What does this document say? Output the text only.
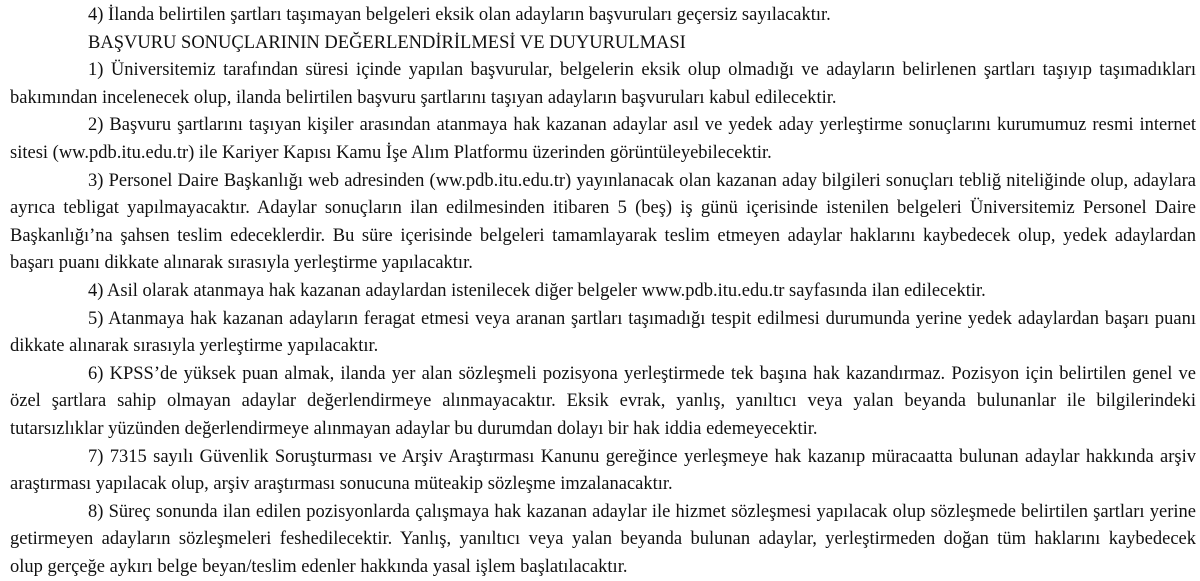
4) İlanda belirtilen şartları taşımayan belgeleri eksik olan adayların başvuruları geçersiz sayılacaktır.
BAŞVURU SONUÇLARININ DEĞERLENDİRİLMESİ VE DUYURULMASI
1) Üniversitemiz tarafından süresi içinde yapılan başvurular, belgelerin eksik olup olmadığı ve adayların belirlenen şartları taşıyıp taşımadıkları
bakımından incelenecek olup, ilanda belirtilen başvuru şartlarını taşıyan adayların başvuruları kabul edilecektir.
2) Başvuru şartlarını taşıyan kişiler arasından atanmaya hak kazanan adaylar asıl ve yedek aday yerleştirme sonuçlarını kurumumuz resmi internet
sitesi (ww.pdb.itu.edu.tr) ile Kariyer Kapısı Kamu İşe Alım Platformu üzerinden görüntüleyebilecektir.
3) Personel Daire Başkanlığı web adresinden (ww.pdb.itu.edu.tr) yayınlanacak olan kazanan aday bilgileri sonuçları tebliğ niteliğinde olup, adaylara
ayrıca tebligat yapılmayacaktır. Adaylar sonuçların ilan edilmesinden itibaren 5 (beş) iş günü içerisinde istenilen belgeleri Üniversitemiz Personel Daire
Başkanlığı’na şahsen teslim edeceklerdir. Bu süre içerisinde belgeleri tamamlayarak teslim etmeyen adaylar haklarını kaybedecek olup, yedek adaylardan
başarı puanı dikkate alınarak sırasıyla yerleştirme yapılacaktır.
4) Asil olarak atanmaya hak kazanan adaylardan istenilecek diğer belgeler www.pdb.itu.edu.tr sayfasında ilan edilecektir.
5) Atanmaya hak kazanan adayların feragat etmesi veya aranan şartları taşımadığı tespit edilmesi durumunda yerine yedek adaylardan başarı puanı
dikkate alınarak sırasıyla yerleştirme yapılacaktır.
6) KPSS’de yüksek puan almak, ilanda yer alan sözleşmeli pozisyona yerleştirmede tek başına hak kazandırmaz. Pozisyon için belirtilen genel ve
özel şartlara sahip olmayan adaylar değerlendirmeye alınmayacaktır. Eksik evrak, yanlış, yanıltıcı veya yalan beyanda bulunanlar ile bilgilerindeki
tutarsızlıklar yüzünden değerlendirmeye alınmayan adaylar bu durumdan dolayı bir hak iddia edemeyecektir.
7) 7315 sayılı Güvenlik Soruşturması ve Arşiv Araştırması Kanunu gereğince yerleşmeye hak kazanıp müracaatta bulunan adaylar hakkında arşiv
araştırması yapılacak olup, arşiv araştırması sonucuna müteakip sözleşme imzalanacaktır.
8) Süreç sonunda ilan edilen pozisyonlarda çalışmaya hak kazanan adaylar ile hizmet sözleşmesi yapılacak olup sözleşmede belirtilen şartları yerine
getirmeyen adayların sözleşmeleri feshedilecektir. Yanlış, yanıltıcı veya yalan beyanda bulunan adaylar, yerleştirmeden doğan tüm haklarını kaybedecek
olup gerçeğe aykırı belge beyan/teslim edenler hakkında yasal işlem başlatılacaktır.
